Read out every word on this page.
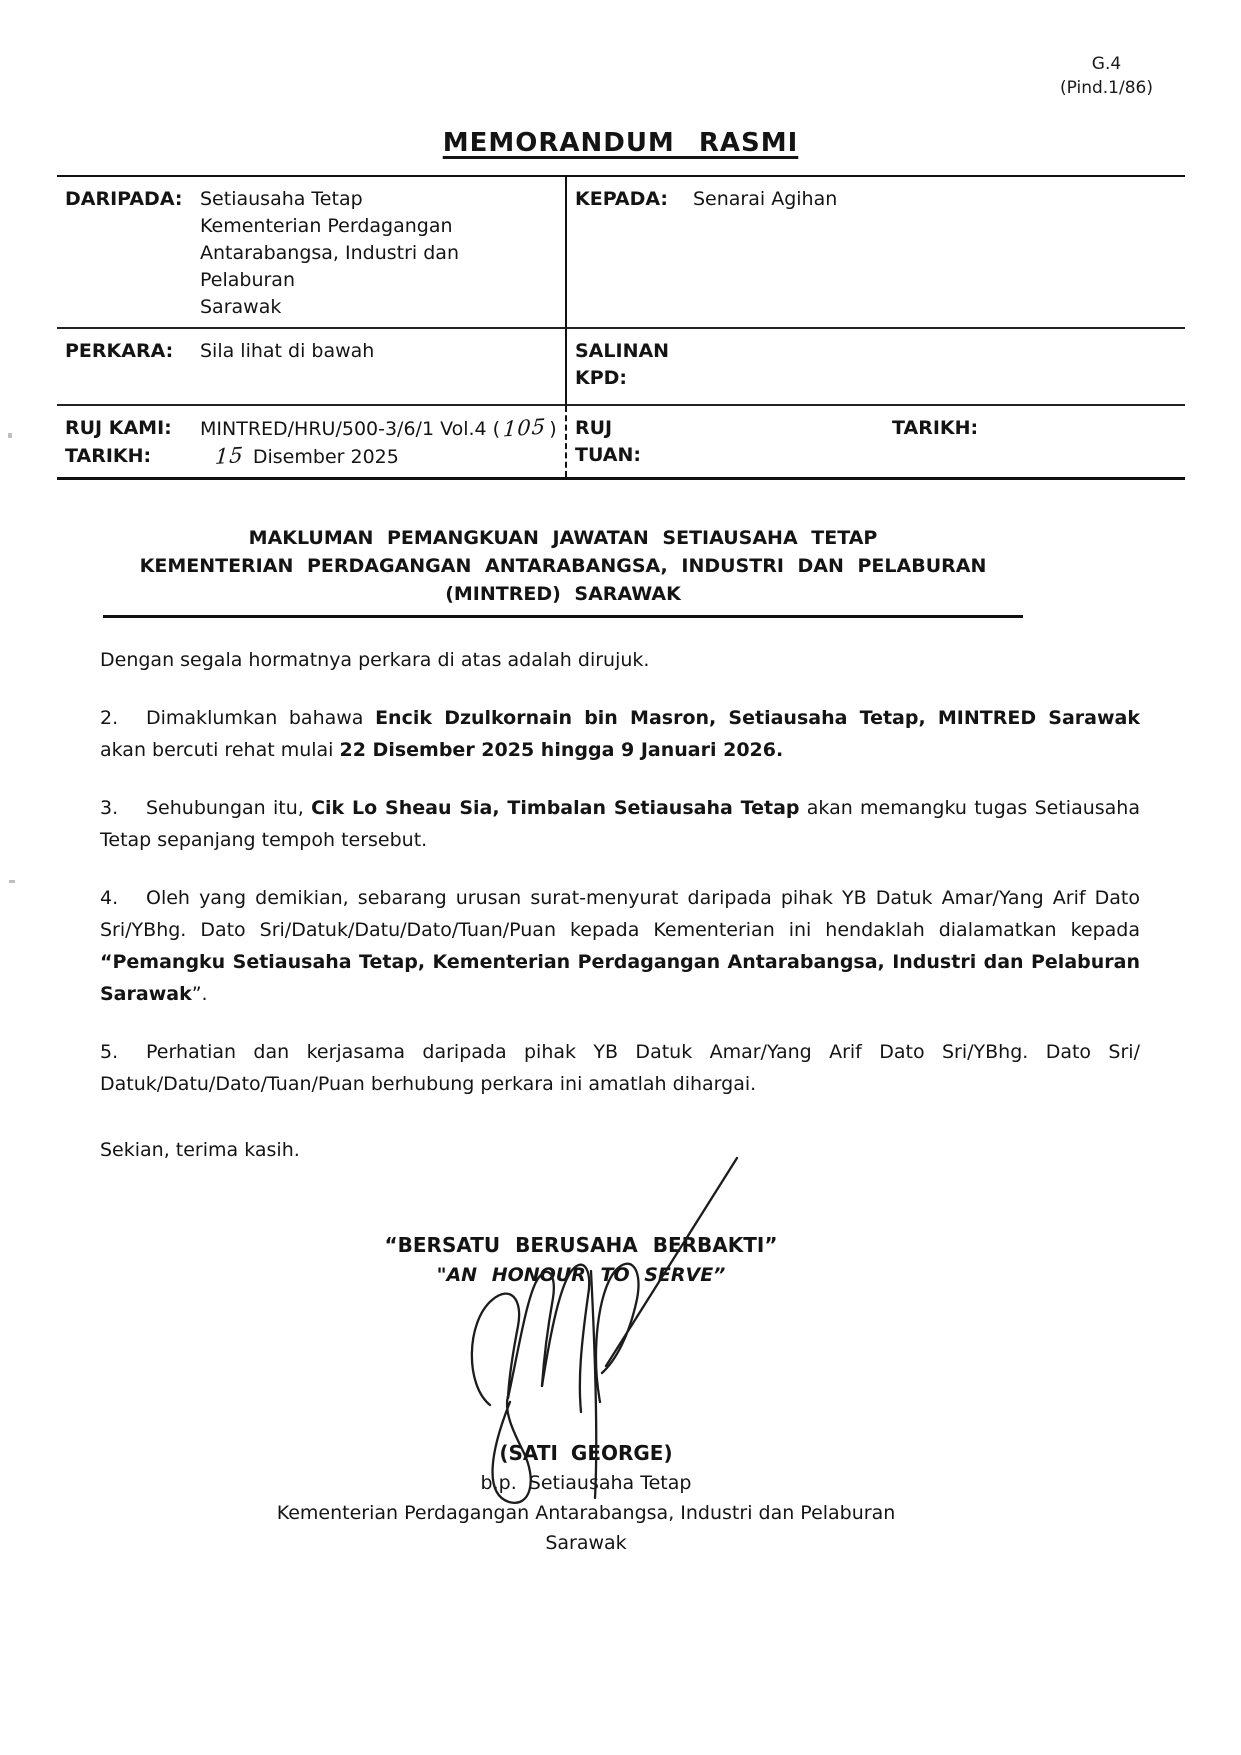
G.4
(Pind.1/86)
MEMORANDUM RASMI
DARIPADA: Setiausaha Tetap
Kementerian Perdagangan
Antarabangsa, Industri dan Pelaburan
Sarawak
KEPADA:	Senarai Agihan
PERKARA:	Sila lihat di bawah	SALINAN
KPD:
RUJ KAMI:	MINTRED/HRU/500-3/6/1 Vol.4 ( 105 )
TARIKH:	15 Disember 2025
RUJ
TUAN:
TARIKH:
MAKLUMAN PEMANGKUAN JAWATAN SETIAUSAHA TETAP
KEMENTERIAN PERDAGANGAN ANTARABANGSA, INDUSTRI DAN PELABURAN
(MINTRED) SARAWAK

Dengan segala hormatnya perkara di atas adalah dirujuk.

2. Dimaklumkan bahawa Encik Dzulkornain bin Masron, Setiausaha Tetap, MINTRED Sarawak akan bercuti rehat mulai 22 Disember 2025 hingga 9 Januari 2026.

3. Sehubungan itu, Cik Lo Sheau Sia, Timbalan Setiausaha Tetap akan memangku tugas Setiausaha Tetap sepanjang tempoh tersebut.

4. Oleh yang demikian, sebarang urusan surat-menyurat daripada pihak YB Datuk Amar/Yang Arif Dato Sri/YBhg. Dato Sri/Datuk/Datu/Dato/Tuan/Puan kepada Kementerian ini hendaklah dialamatkan kepada “Pemangku Setiausaha Tetap, Kementerian Perdagangan Antarabangsa, Industri dan Pelaburan Sarawak”.

5. Perhatian dan kerjasama daripada pihak YB Datuk Amar/Yang Arif Dato Sri/YBhg. Dato Sri/ Datuk/Datu/Dato/Tuan/Puan berhubung perkara ini amatlah dihargai.

Sekian, terima kasih.

“BERSATU BERUSAHA BERBAKTI”
"AN HONOUR TO SERVE”
(SATI GEORGE)
b.p.  Setiausaha Tetap
Kementerian Perdagangan Antarabangsa, Industri dan Pelaburan
Sarawak
